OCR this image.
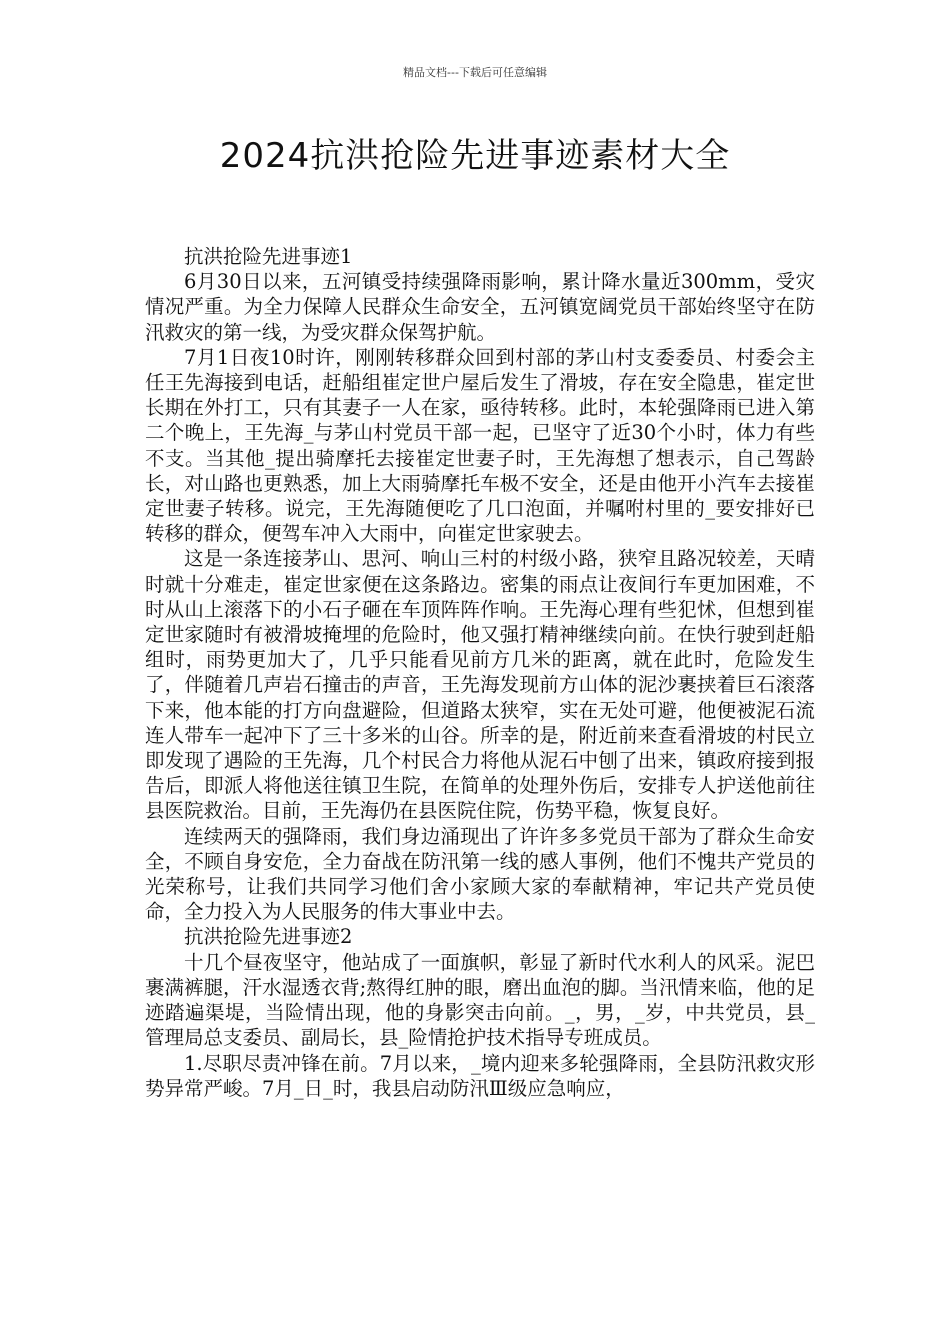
精品文档---下载后可任意编辑
2024抗洪抢险先进事迹素材大全

抗洪抢险先进事迹1

6月30日以来，五河镇受持续强降雨影响，累计降水量近300mm，受灾情况严重。为全力保障人民群众生命安全，五河镇宽阔党员干部始终坚守在防汛救灾的第一线，为受灾群众保驾护航。

7月1日夜10时许，刚刚转移群众回到村部的茅山村支委委员、村委会主任王先海接到电话，赶船组崔定世户屋后发生了滑坡，存在安全隐患，崔定世长期在外打工，只有其妻子一人在家，亟待转移。此时，本轮强降雨已进入第二个晚上，王先海_与茅山村党员干部一起，已坚守了近30个小时，体力有些不支。当其他_提出骑摩托去接崔定世妻子时，王先海想了想表示，自己驾龄长，对山路也更熟悉，加上大雨骑摩托车极不安全，还是由他开小汽车去接崔定世妻子转移。说完，王先海随便吃了几口泡面，并嘱咐村里的_要安排好已转移的群众，便驾车冲入大雨中，向崔定世家驶去。

这是一条连接茅山、思河、响山三村的村级小路，狭窄且路况较差，天晴时就十分难走，崔定世家便在这条路边。密集的雨点让夜间行车更加困难，不时从山上滚落下的小石子砸在车顶阵阵作响。王先海心理有些犯怵，但想到崔定世家随时有被滑坡掩埋的危险时，他又强打精神继续向前。在快行驶到赶船组时，雨势更加大了，几乎只能看见前方几米的距离，就在此时，危险发生了，伴随着几声岩石撞击的声音，王先海发现前方山体的泥沙裹挟着巨石滚落下来，他本能的打方向盘避险，但道路太狭窄，实在无处可避，他便被泥石流连人带车一起冲下了三十多米的山谷。所幸的是，附近前来查看滑坡的村民立即发现了遇险的王先海，几个村民合力将他从泥石中刨了出来，镇政府接到报告后，即派人将他送往镇卫生院，在简单的处理外伤后，安排专人护送他前往县医院救治。目前，王先海仍在县医院住院，伤势平稳，恢复良好。

连续两天的强降雨，我们身边涌现出了许许多多党员干部为了群众生命安全，不顾自身安危，全力奋战在防汛第一线的感人事例，他们不愧共产党员的光荣称号，让我们共同学习他们舍小家顾大家的奉献精神，牢记共产党员使命，全力投入为人民服务的伟大事业中去。

抗洪抢险先进事迹2

十几个昼夜坚守，他站成了一面旗帜，彰显了新时代水利人的风采。泥巴裹满裤腿，汗水湿透衣背;熬得红肿的眼，磨出血泡的脚。当汛情来临，他的足迹踏遍渠堤，当险情出现，他的身影突击向前。_，男，_岁，中共党员，县_管理局总支委员、副局长，县_险情抢护技术指导专班成员。

1.尽职尽责冲锋在前。7月以来，_境内迎来多轮强降雨，全县防汛救灾形势异常严峻。7月_日_时，我县启动防汛Ⅲ级应急响应，
